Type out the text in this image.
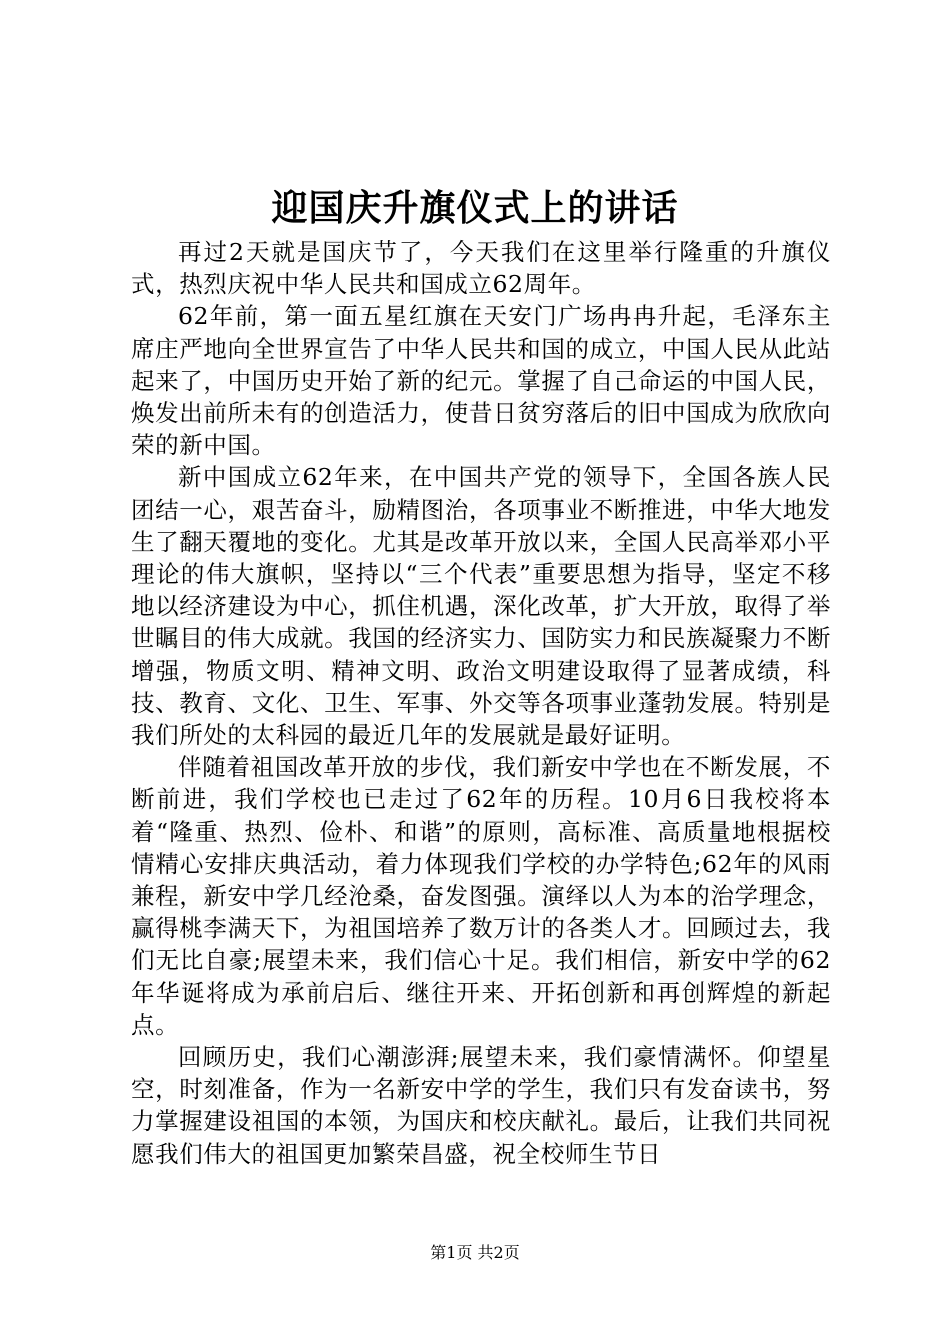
迎国庆升旗仪式上的讲话

再过2天就是国庆节了，今天我们在这里举行隆重的升旗仪式，热烈庆祝中华人民共和国成立62周年。

62年前，第一面五星红旗在天安门广场冉冉升起，毛泽东主席庄严地向全世界宣告了中华人民共和国的成立，中国人民从此站起来了，中国历史开始了新的纪元。掌握了自己命运的中国人民，焕发出前所未有的创造活力，使昔日贫穷落后的旧中国成为欣欣向荣的新中国。

新中国成立62年来，在中国共产党的领导下，全国各族人民团结一心，艰苦奋斗，励精图治，各项事业不断推进，中华大地发生了翻天覆地的变化。尤其是改革开放以来，全国人民高举邓小平理论的伟大旗帜，坚持以“三个代表”重要思想为指导，坚定不移地以经济建设为中心，抓住机遇，深化改革，扩大开放，取得了举世瞩目的伟大成就。我国的经济实力、国防实力和民族凝聚力不断增强，物质文明、精神文明、政治文明建设取得了显著成绩，科技、教育、文化、卫生、军事、外交等各项事业蓬勃发展。特别是我们所处的太科园的最近几年的发展就是最好证明。

伴随着祖国改革开放的步伐，我们新安中学也在不断发展，不断前进，我们学校也已走过了62年的历程。10月6日我校将本着“隆重、热烈、俭朴、和谐”的原则，高标准、高质量地根据校情精心安排庆典活动，着力体现我们学校的办学特色;62年的风雨兼程，新安中学几经沧桑，奋发图强。演绎以人为本的治学理念，赢得桃李满天下，为祖国培养了数万计的各类人才。回顾过去，我们无比自豪;展望未来，我们信心十足。我们相信，新安中学的62年华诞将成为承前启后、继往开来、开拓创新和再创辉煌的新起点。

回顾历史，我们心潮澎湃;展望未来，我们豪情满怀。仰望星空，时刻准备，作为一名新安中学的学生，我们只有发奋读书，努力掌握建设祖国的本领，为国庆和校庆献礼。最后，让我们共同祝愿我们伟大的祖国更加繁荣昌盛，祝全校师生节日

第1页 共2页
